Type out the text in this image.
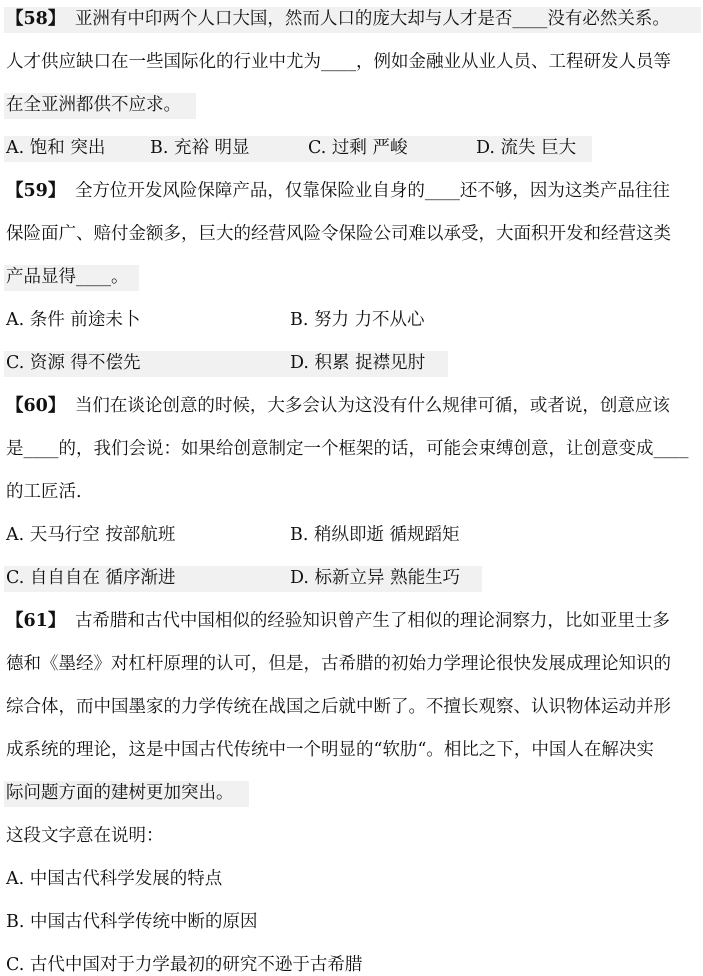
【58】 亚洲有中印两个人口大国，然而人口的庞大却与人才是否____没有必然关系。
人才供应缺口在一些国际化的行业中尤为____，例如金融业从业人员、工程研发人员等
在全亚洲都供不应求。
A. 饱和 突出	B. 充裕 明显	C. 过剩 严峻	D. 流失 巨大
【59】 全方位开发风险保障产品，仅靠保险业自身的____还不够，因为这类产品往往
保险面广、赔付金额多，巨大的经营风险令保险公司难以承受，大面积开发和经营这类
产品显得____。
A. 条件 前途未卜	B. 努力 力不从心
C. 资源 得不偿先	D. 积累 捉襟见肘
【60】 当们在谈论创意的时候，大多会认为这没有什么规律可循，或者说，创意应该
是____的，我们会说：如果给创意制定一个框架的话，可能会束缚创意，让创意变成____
的工匠活.
A. 天马行空 按部航班	B. 稍纵即逝 循规蹈矩
C. 自自自在 循序渐进	D. 标新立异 熟能生巧
【61】 古希腊和古代中国相似的经验知识曾产生了相似的理论洞察力，比如亚里士多
德和《墨经》对杠杆原理的认可，但是，古希腊的初始力学理论很快发展成理论知识的
综合体，而中国墨家的力学传统在战国之后就中断了。不擅长观察、认识物体运动并形
成系统的理论，这是中国古代传统中一个明显的“软肋“。相比之下，中国人在解决实
际问题方面的建树更加突出。
这段文字意在说明：
A. 中国古代科学发展的特点
B. 中国古代科学传统中断的原因
C. 古代中国对于力学最初的研究不逊于古希腊
